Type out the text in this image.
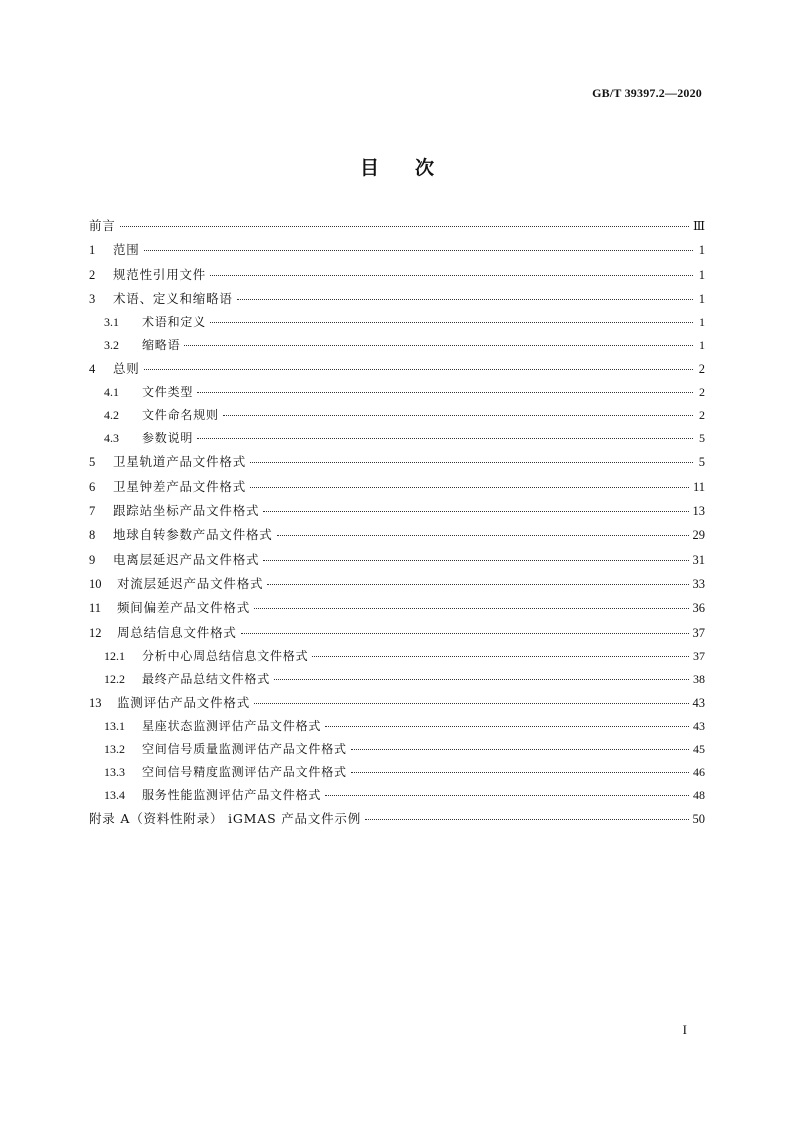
GB/T 39397.2—2020
目次
前言	Ⅲ
1	范围	1
2	规范性引用文件	1
3	术语、定义和缩略语	1
3.1	术语和定义	1
3.2	缩略语	1
4	总则	2
4.1	文件类型	2
4.2	文件命名规则	2
4.3	参数说明	5
5	卫星轨道产品文件格式	5
6	卫星钟差产品文件格式	11
7	跟踪站坐标产品文件格式	13
8	地球自转参数产品文件格式	29
9	电离层延迟产品文件格式	31
10	对流层延迟产品文件格式	33
11	频间偏差产品文件格式	36
12	周总结信息文件格式	37
12.1	分析中心周总结信息文件格式	37
12.2	最终产品总结文件格式	38
13	监测评估产品文件格式	43
13.1	星座状态监测评估产品文件格式	43
13.2	空间信号质量监测评估产品文件格式	45
13.3	空间信号精度监测评估产品文件格式	46
13.4	服务性能监测评估产品文件格式	48
附录 A（资料性附录） iGMAS 产品文件示例	50
I
